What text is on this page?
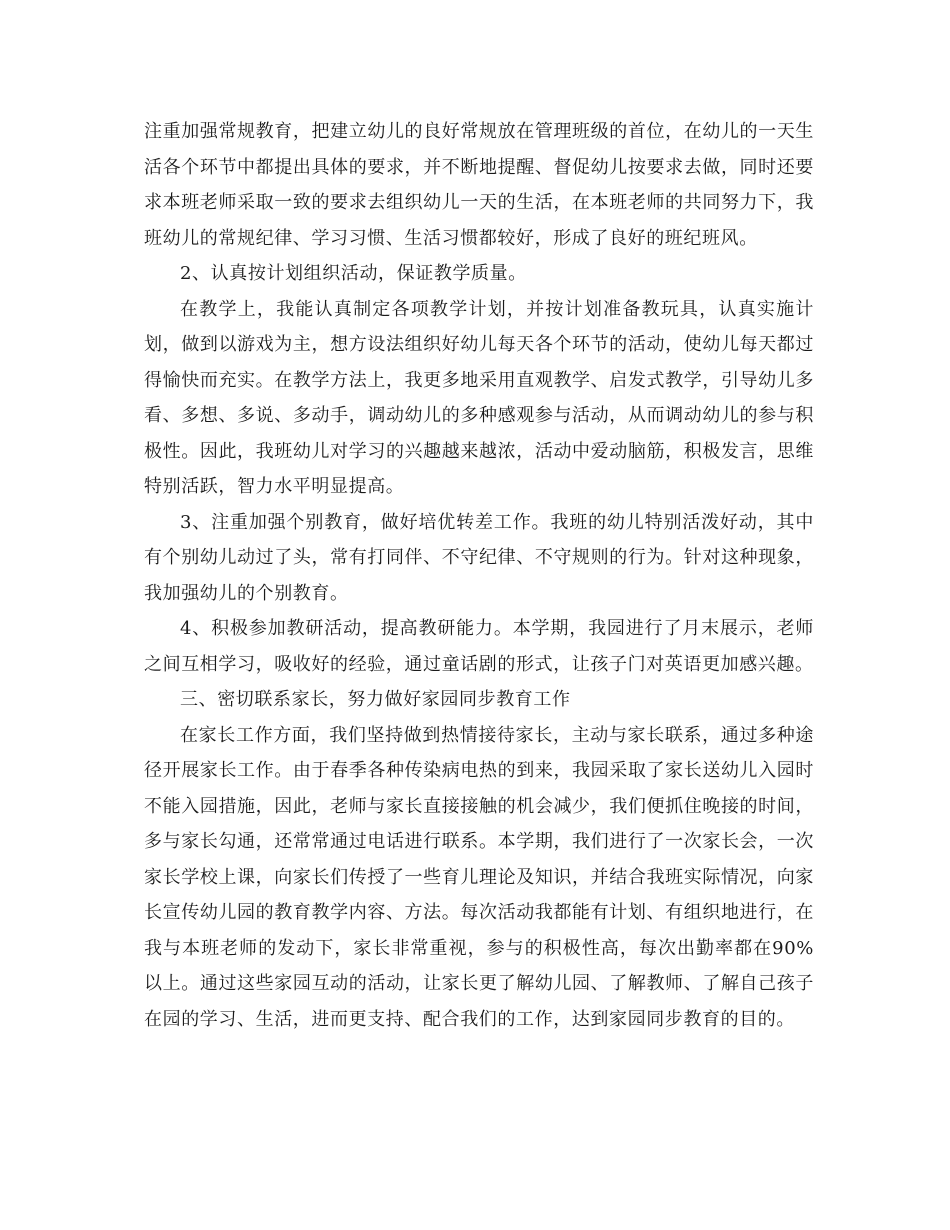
注重加强常规教育，把建立幼儿的良好常规放在管理班级的首位，在幼儿的一天生活各个环节中都提出具体的要求，并不断地提醒、督促幼儿按要求去做，同时还要求本班老师采取一致的要求去组织幼儿一天的生活，在本班老师的共同努力下，我班幼儿的常规纪律、学习习惯、生活习惯都较好，形成了良好的班纪班风。

2、认真按计划组织活动，保证教学质量。

在教学上，我能认真制定各项教学计划，并按计划准备教玩具，认真实施计划，做到以游戏为主，想方设法组织好幼儿每天各个环节的活动，使幼儿每天都过得愉快而充实。在教学方法上，我更多地采用直观教学、启发式教学，引导幼儿多看、多想、多说、多动手，调动幼儿的多种感观参与活动，从而调动幼儿的参与积极性。因此，我班幼儿对学习的兴趣越来越浓，活动中爱动脑筋，积极发言，思维特别活跃，智力水平明显提高。

3、注重加强个别教育，做好培优转差工作。我班的幼儿特别活泼好动，其中有个别幼儿动过了头，常有打同伴、不守纪律、不守规则的行为。针对这种现象，我加强幼儿的个别教育。

4、积极参加教研活动，提高教研能力。本学期，我园进行了月末展示，老师之间互相学习，吸收好的经验，通过童话剧的形式，让孩子门对英语更加感兴趣。

三、密切联系家长，努力做好家园同步教育工作

在家长工作方面，我们坚持做到热情接待家长，主动与家长联系，通过多种途径开展家长工作。由于春季各种传染病电热的到来，我园采取了家长送幼儿入园时不能入园措施，因此，老师与家长直接接触的机会减少，我们便抓住晚接的时间，多与家长勾通，还常常通过电话进行联系。本学期，我们进行了一次家长会，一次家长学校上课，向家长们传授了一些育儿理论及知识，并结合我班实际情况，向家长宣传幼儿园的教育教学内容、方法。每次活动我都能有计划、有组织地进行，在我与本班老师的发动下，家长非常重视，参与的积极性高，每次出勤率都在90%以上。通过这些家园互动的活动，让家长更了解幼儿园、了解教师、了解自己孩子在园的学习、生活，进而更支持、配合我们的工作，达到家园同步教育的目的。
